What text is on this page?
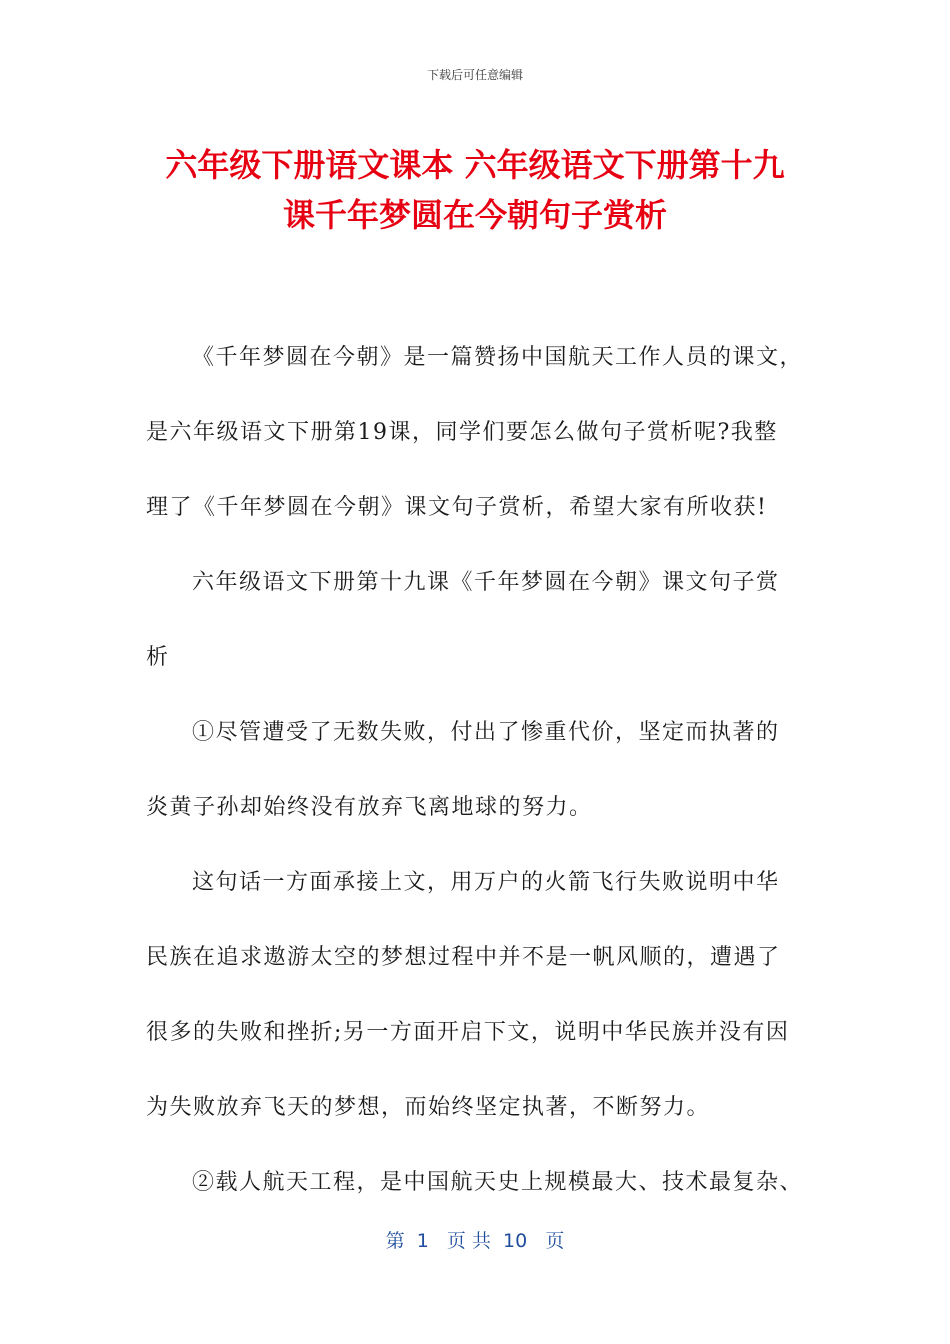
下载后可任意编辑
六年级下册语文课本 六年级语文下册第十九
课千年梦圆在今朝句子赏析
《千年梦圆在今朝》是一篇赞扬中国航天工作人员的课文，
是六年级语文下册第19课，同学们要怎么做句子赏析呢?我整
理了《千年梦圆在今朝》课文句子赏析，希望大家有所收获!
六年级语文下册第十九课《千年梦圆在今朝》课文句子赏
析
①尽管遭受了无数失败，付出了惨重代价，坚定而执著的
炎黄子孙却始终没有放弃飞离地球的努力。
这句话一方面承接上文，用万户的火箭飞行失败说明中华
民族在追求遨游太空的梦想过程中并不是一帆风顺的，遭遇了
很多的失败和挫折;另一方面开启下文，说明中华民族并没有因
为失败放弃飞天的梦想，而始终坚定执著，不断努力。
②载人航天工程，是中国航天史上规模最大、技术最复杂、
第  1   页 共  10   页
